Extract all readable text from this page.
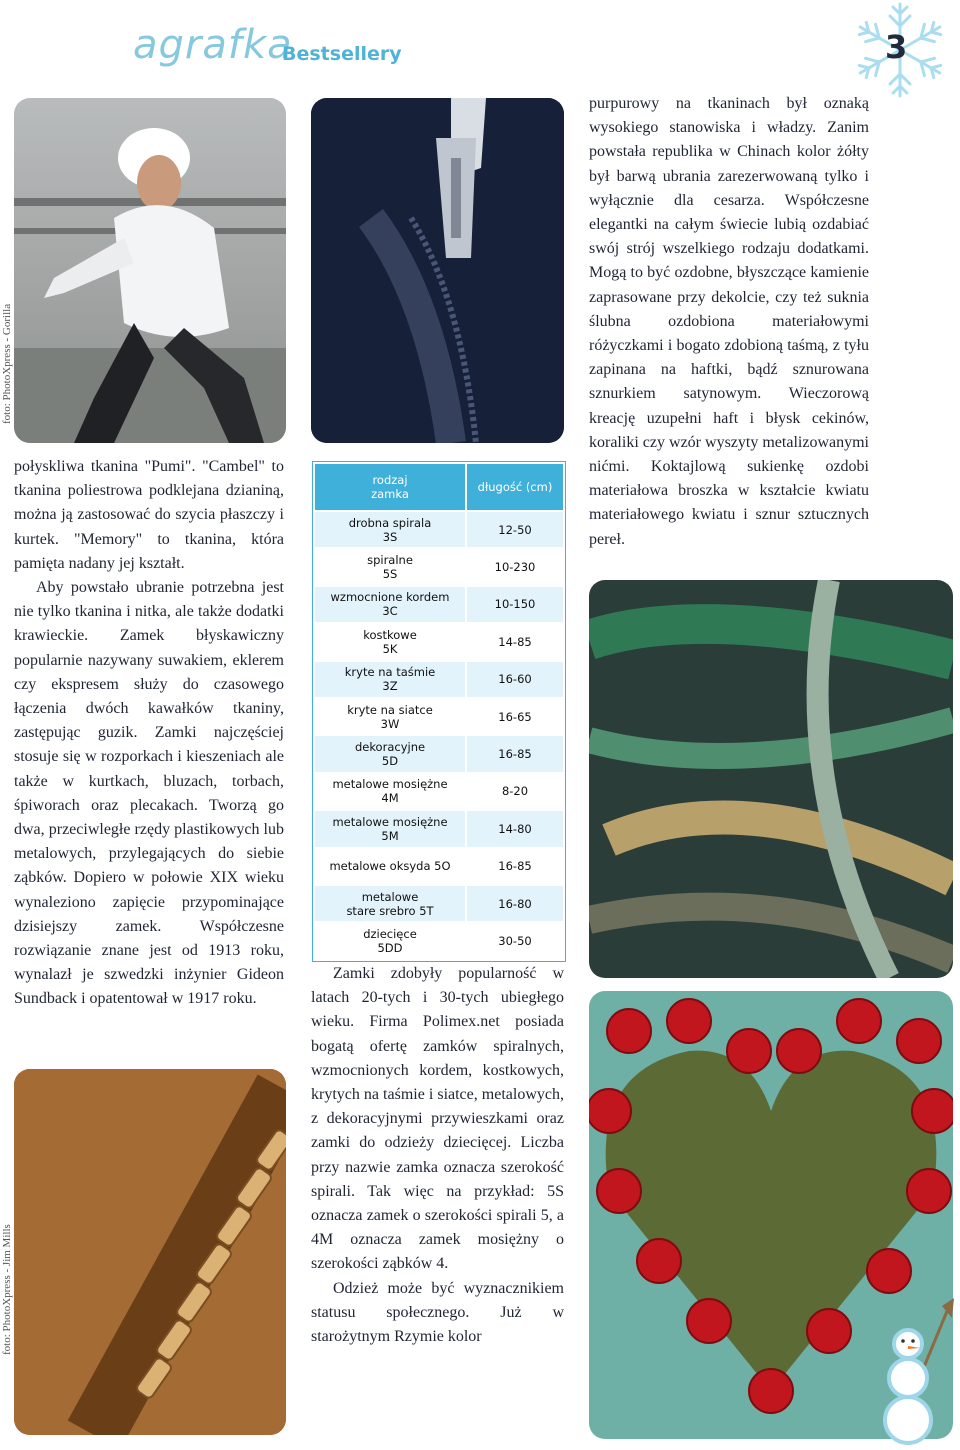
agrafka
Bestsellery	3
foto: PhotoXpress - Gorilla
foto: PhotoXpress - Jim Mills

połyskliwa tkanina "Pumi". "Cambel" to tkanina poliestrowa podklejana dzianiną, można ją zastosować do szycia płaszczy i kurtek. "Memory" to tkanina, która pamięta nadany jej kształt.

Aby powstało ubranie potrzebna jest nie tylko tkanina i nitka, ale także dodatki krawieckie. Zamek błyskawiczny popularnie nazywany suwakiem, eklerem czy ekspresem służy do czasowego łączenia dwóch kawałków tkaniny, zastępując guzik. Zamki najczęściej stosuje się w rozporkach i kieszeniach ale także w kurtkach, bluzach, torbach, śpiworach oraz plecakach. Tworzą go dwa, przeciwległe rzędy plastikowych lub metalowych, przylegających do siebie ząbków. Dopiero w połowie XIX wieku wynaleziono zapięcie przypominające dzisiejszy zamek. Współczesne rozwiązanie znane jest od 1913 roku, wynalazł je szwedzki inżynier Gideon Sundback i opatentował w 1917 roku.

rodzaj
zamka	długość (cm)
drobna spirala
3S	12-50
spiralne
5S	10-230
wzmocnione kordem
3C	10-150
kostkowe
5K	14-85
kryte na taśmie
3Z	16-60
kryte na siatce
3W	16-65
dekoracyjne
5D	16-85
metalowe mosiężne
4M	8-20
metalowe mosiężne
5M	14-80
metalowe oksyda 5O	16-85
metalowe
stare srebro 5T	16-80
dziecięce
5DD	30-50

Zamki zdobyły popularność w latach 20-tych i 30-tych ubiegłego wieku. Firma Polimex.net posiada bogatą ofertę zamków spiralnych, wzmocnionych kordem, kostkowych, krytych na taśmie i siatce, metalowych, z dekoracyjnymi przywieszkami oraz zamki do odzieży dziecięcej. Liczba przy nazwie zamka oznacza szerokość spirali. Tak więc na przykład: 5S oznacza zamek o szerokości spirali 5, a 4M oznacza zamek mosiężny o szerokości ząbków 4.

Odzież może być wyznacznikiem statusu społecznego. Już w starożytnym Rzymie kolor

purpurowy na tkaninach był oznaką wysokiego stanowiska i władzy. Zanim powstała republika w Chinach kolor żółty był barwą ubrania zarezerwowaną tylko i wyłącznie dla cesarza. Współczesne elegantki na całym świecie lubią ozdabiać swój strój wszelkiego rodzaju dodatkami. Mogą to być ozdobne, błyszczące kamienie zaprasowane przy dekolcie, czy też suknia ślubna ozdobiona materiałowymi różyczkami i bogato zdobioną taśmą, z tyłu zapinana na haftki, bądź sznurowana sznurkiem satynowym. Wieczorową kreację uzupełni haft i błysk cekinów, koraliki czy wzór wyszyty metalizowanymi nićmi. Koktajlową sukienkę ozdobi materiałowa broszka w kształcie kwiatu materiałowego kwiatu i sznur sztucznych pereł.
